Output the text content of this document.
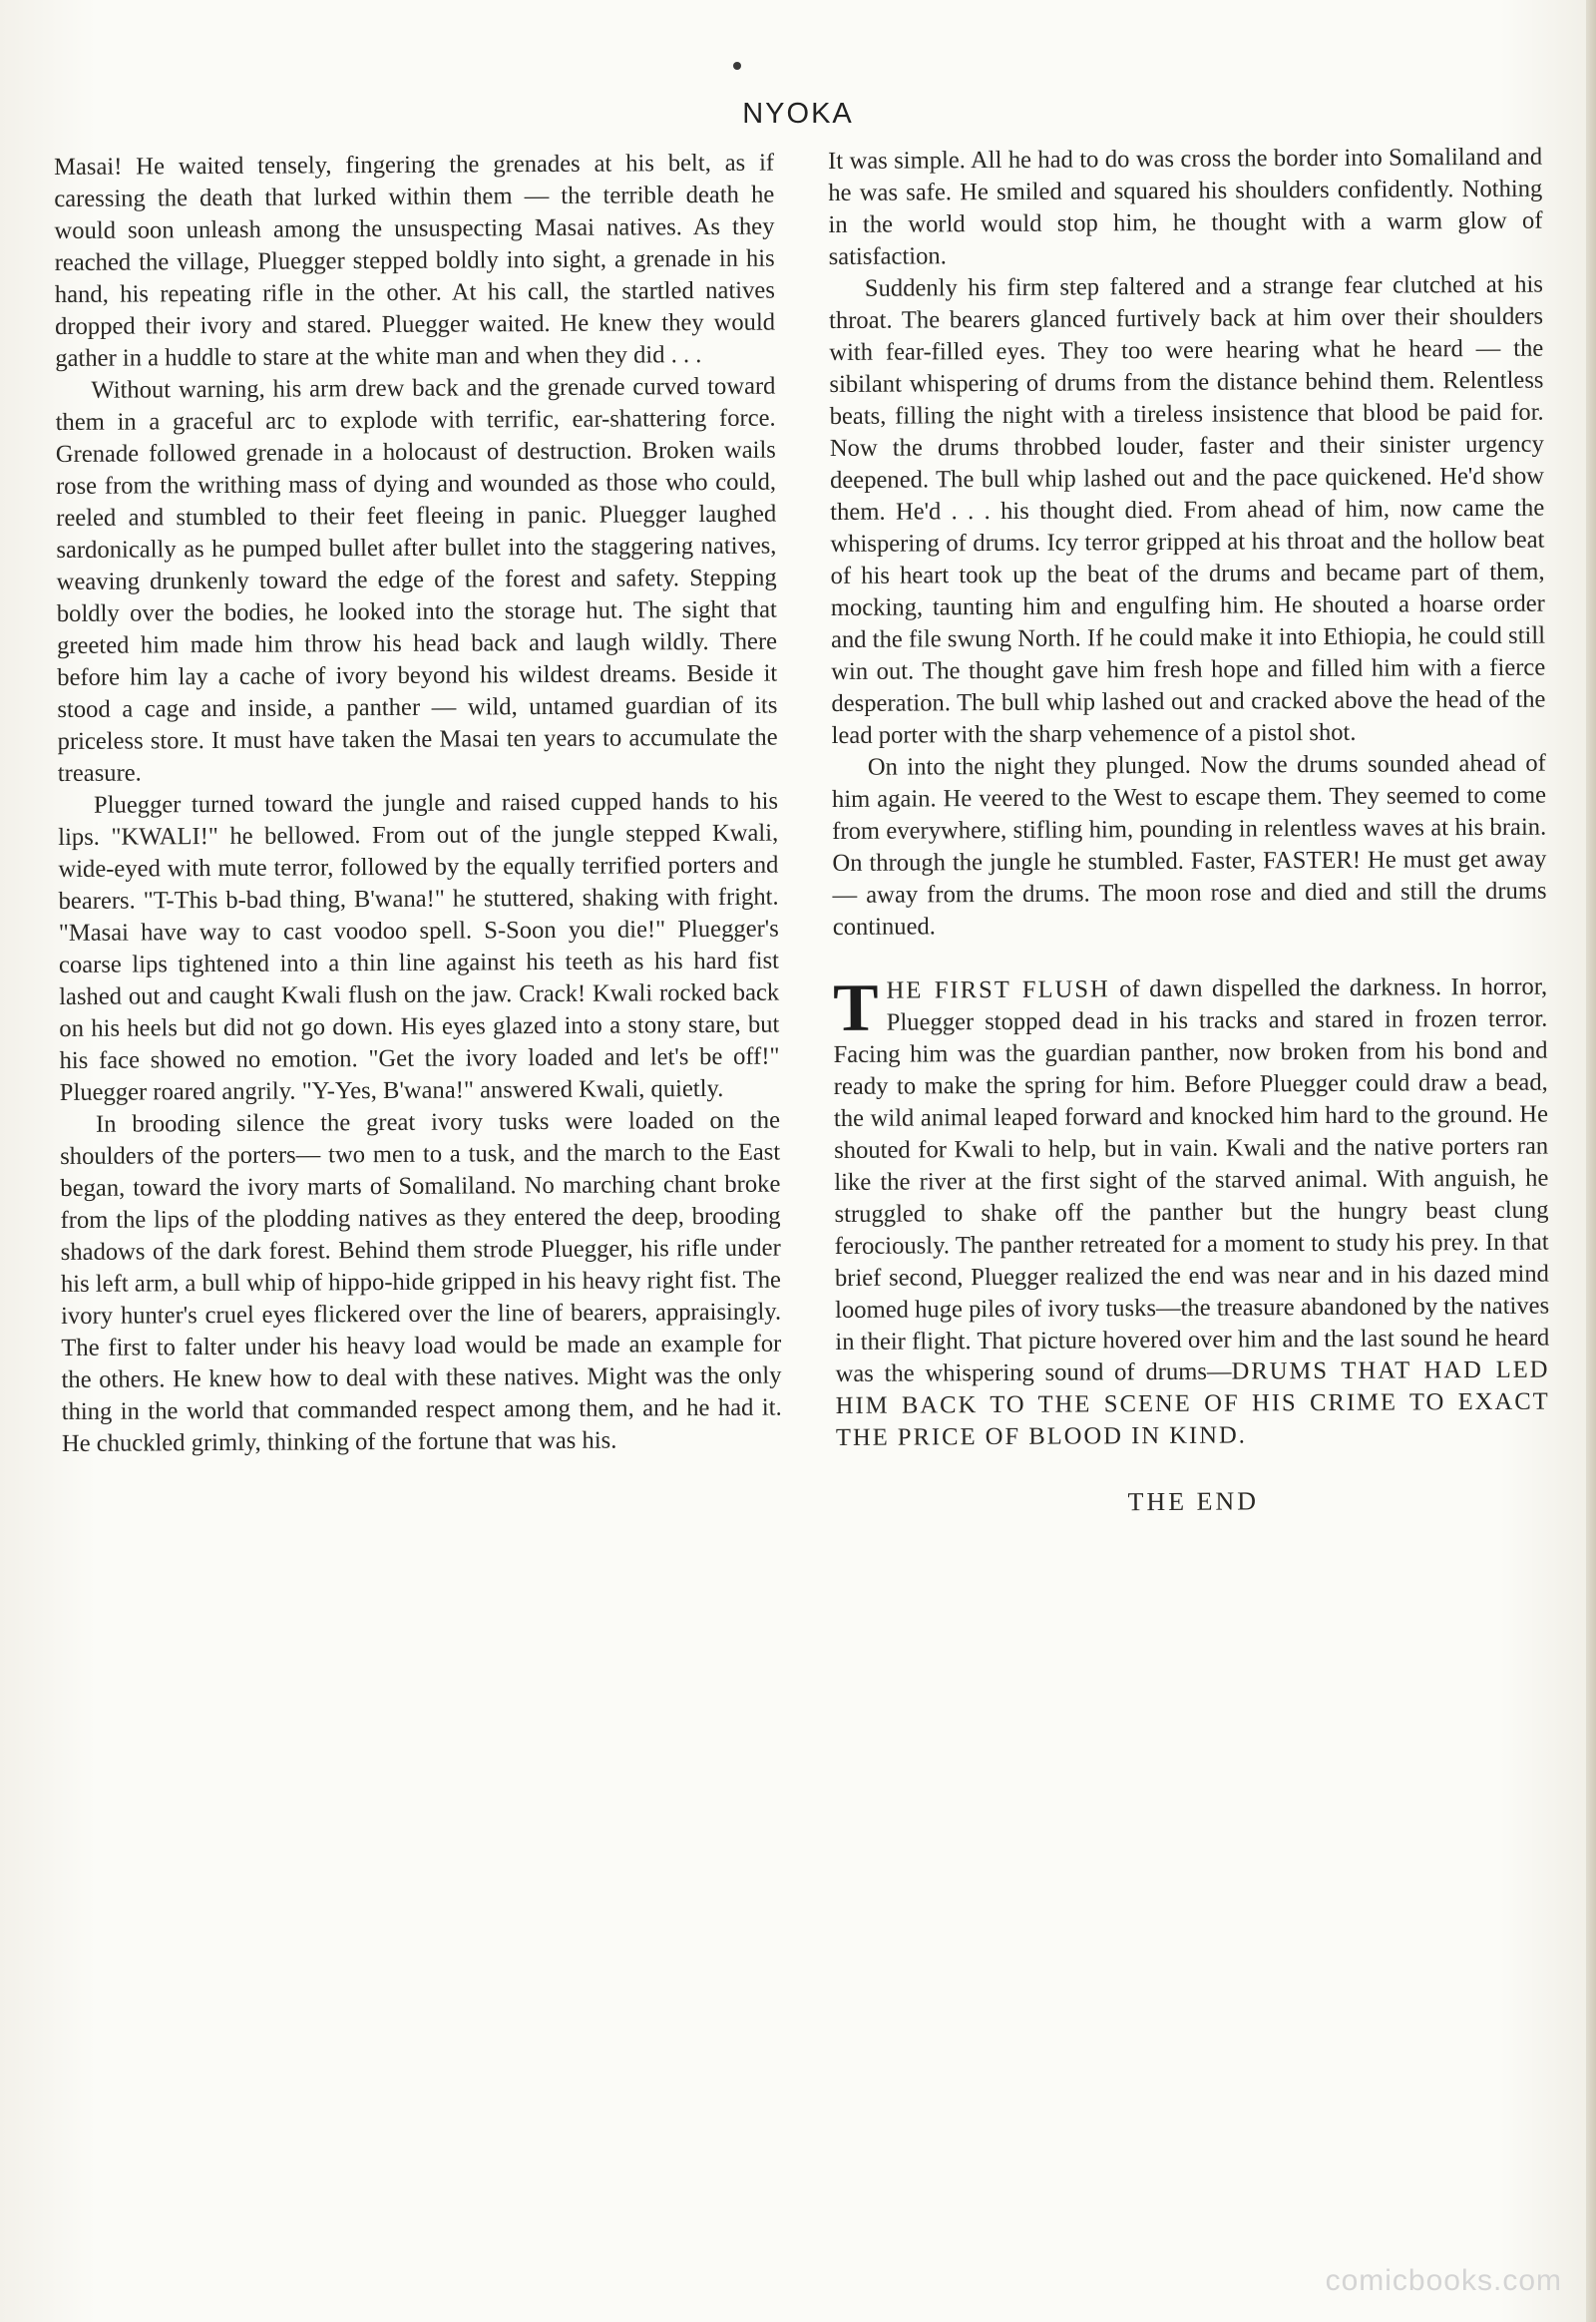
NYOKA

Masai! He waited tensely, fingering the grenades at his belt, as if caressing the death that lurked within them — the terrible death he would soon unleash among the unsuspecting Masai natives. As they reached the village, Pluegger stepped boldly into sight, a grenade in his hand, his repeating rifle in the other. At his call, the startled natives dropped their ivory and stared. Pluegger waited. He knew they would gather in a huddle to stare at the white man and when they did . . .

Without warning, his arm drew back and the grenade curved toward them in a graceful arc to explode with terrific, ear-shattering force. Grenade followed grenade in a holocaust of destruction. Broken wails rose from the writhing mass of dying and wounded as those who could, reeled and stumbled to their feet fleeing in panic. Pluegger laughed sardonically as he pumped bullet after bullet into the staggering natives, weaving drunkenly toward the edge of the forest and safety. Stepping boldly over the bodies, he looked into the storage hut. The sight that greeted him made him throw his head back and laugh wildly. There before him lay a cache of ivory beyond his wildest dreams. Beside it stood a cage and inside, a panther — wild, untamed guardian of its priceless store. It must have taken the Masai ten years to accumulate the treasure.

Pluegger turned toward the jungle and raised cupped hands to his lips. "KWALI!" he bellowed. From out of the jungle stepped Kwali, wide-eyed with mute terror, followed by the equally terrified porters and bearers. "T-This b-bad thing, B'wana!" he stuttered, shaking with fright. "Masai have way to cast voodoo spell. S-Soon you die!" Pluegger's coarse lips tightened into a thin line against his teeth as his hard fist lashed out and caught Kwali flush on the jaw. Crack! Kwali rocked back on his heels but did not go down. His eyes glazed into a stony stare, but his face showed no emotion. "Get the ivory loaded and let's be off!" Pluegger roared angrily. "Y-Yes, B'wana!" answered Kwali, quietly.

In brooding silence the great ivory tusks were loaded on the shoulders of the porters— two men to a tusk, and the march to the East began, toward the ivory marts of Somaliland. No marching chant broke from the lips of the plodding natives as they entered the deep, brooding shadows of the dark forest. Behind them strode Pluegger, his rifle under his left arm, a bull whip of hippo-hide gripped in his heavy right fist. The ivory hunter's cruel eyes flickered over the line of bearers, appraisingly. The first to falter under his heavy load would be made an example for the others. He knew how to deal with these natives. Might was the only thing in the world that commanded respect among them, and he had it. He chuckled grimly, thinking of the fortune that was his.

It was simple. All he had to do was cross the border into Somaliland and he was safe. He smiled and squared his shoulders confidently. Nothing in the world would stop him, he thought with a warm glow of satisfaction.

Suddenly his firm step faltered and a strange fear clutched at his throat. The bearers glanced furtively back at him over their shoulders with fear-filled eyes. They too were hearing what he heard — the sibilant whispering of drums from the distance behind them. Relentless beats, filling the night with a tireless insistence that blood be paid for. Now the drums throbbed louder, faster and their sinister urgency deepened. The bull whip lashed out and the pace quickened. He'd show them. He'd . . . his thought died. From ahead of him, now came the whispering of drums. Icy terror gripped at his throat and the hollow beat of his heart took up the beat of the drums and became part of them, mocking, taunting him and engulfing him. He shouted a hoarse order and the file swung North. If he could make it into Ethiopia, he could still win out. The thought gave him fresh hope and filled him with a fierce desperation. The bull whip lashed out and cracked above the head of the lead porter with the sharp vehemence of a pistol shot.

On into the night they plunged. Now the drums sounded ahead of him again. He veered to the West to escape them. They seemed to come from everywhere, stifling him, pounding in relentless waves at his brain. On through the jungle he stumbled. Faster, FASTER! He must get away — away from the drums. The moon rose and died and still the drums continued.

THE FIRST FLUSH of dawn dispelled the darkness. In horror, Pluegger stopped dead in his tracks and stared in frozen terror. Facing him was the guardian panther, now broken from his bond and ready to make the spring for him. Before Pluegger could draw a bead, the wild animal leaped forward and knocked him hard to the ground. He shouted for Kwali to help, but in vain. Kwali and the native porters ran like the river at the first sight of the starved animal. With anguish, he struggled to shake off the panther but the hungry beast clung ferociously. The panther retreated for a moment to study his prey. In that brief second, Pluegger realized the end was near and in his dazed mind loomed huge piles of ivory tusks—the treasure abandoned by the natives in their flight. That picture hovered over him and the last sound he heard was the whispering sound of drums—DRUMS THAT HAD LED HIM BACK TO THE SCENE OF HIS CRIME TO EXACT THE PRICE OF BLOOD IN KIND.

THE END

comicbooks.com
